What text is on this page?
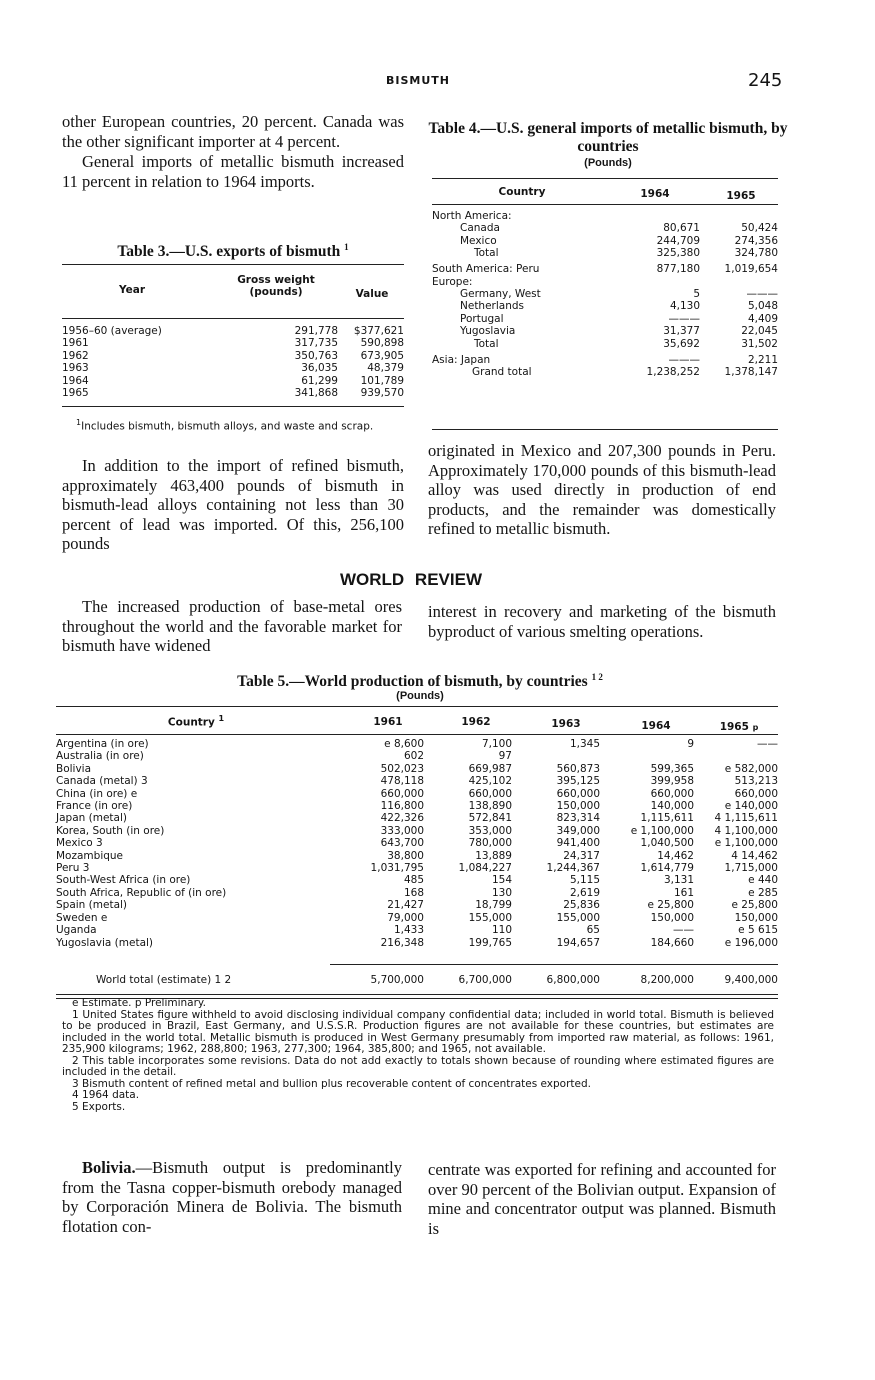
BISMUTH	245

other European countries, 20 percent. Canada was the other significant importer at 4 percent.

General imports of metallic bismuth increased 11 percent in relation to 1964 imports.

Table 3.—U.S. exports of bismuth $^1$
Year
Gross weight (pounds)	Value
1956–60 (average)	291,778	$377,621
1961	317,735	590,898
1962	350,763	673,905
1963	36,035	48,379
1964	61,299	101,789
1965	341,868	939,570
$^1$Includes bismuth, bismuth alloys, and waste and scrap.
In addition to the import of refined bismuth, approximately 463,400 pounds of bismuth in bismuth-lead alloys containing not less than 30 percent of lead was imported. Of this, 256,100 pounds
Table 4.—U.S. general imports of metallic bismuth, by countries
(Pounds)
Country	1964	1965
North America:		
Canada	80,671	50,424
Mexico	244,709	274,356
Total	325,380	324,780
South America: Peru	877,180	1,019,654
Europe:		
Germany, West	5	———
Netherlands	4,130	5,048
Portugal	———	4,409
Yugoslavia	31,377	22,045
Total	35,692	31,502
Asia: Japan	———	2,211
Grand total	1,238,252	1,378,147
originated in Mexico and 207,300 pounds in Peru. Approximately 170,000 pounds of this bismuth-lead alloy was used directly in production of end products, and the remainder was domestically refined to metallic bismuth.
WORLD REVIEW
The increased production of base-metal ores throughout the world and the favorable market for bismuth have widened
interest in recovery and marketing of the bismuth byproduct of various smelting operations.
Table 5.—World production of bismuth, by countries $^{1 2}$
(Pounds)
Country $^1$	1961	1962	1963	1964	1965 p
Argentina (in ore)	e 8,600	7,100	1,345	9	——
Australia (in ore)	602	97			
Bolivia	502,023	669,987	560,873	599,365	e 582,000
Canada (metal) 3	478,118	425,102	395,125	399,958	513,213
China (in ore) e	660,000	660,000	660,000	660,000	660,000
France (in ore)	116,800	138,890	150,000	140,000	e 140,000
Japan (metal)	422,326	572,841	823,314	1,115,611	4 1,115,611
Korea, South (in ore)	333,000	353,000	349,000	e 1,100,000	4 1,100,000
Mexico 3	643,700	780,000	941,400	1,040,500	e 1,100,000
Mozambique	38,800	13,889	24,317	14,462	4 14,462
Peru 3	1,031,795	1,084,227	1,244,367	1,614,779	1,715,000
South-West Africa (in ore)	485	154	5,115	3,131	e 440
South Africa, Republic of (in ore)	168	130	2,619	161	e 285
Spain (metal)	21,427	18,799	25,836	e 25,800	e 25,800
Sweden e	79,000	155,000	155,000	150,000	150,000
Uganda	1,433	110	65	——	e 5 615
Yugoslavia (metal)	216,348	199,765	194,657	184,660	e 196,000
World total (estimate) 1 2	5,700,000	6,700,000	6,800,000	8,200,000	9,400,000

e Estimate. p Preliminary.

1 United States figure withheld to avoid disclosing individual company confidential data; included in world total. Bismuth is believed to be produced in Brazil, East Germany, and U.S.S.R. Production figures are not available for these countries, but estimates are included in the world total. Metallic bismuth is produced in West Germany presumably from imported raw material, as follows: 1961, 235,900 kilograms; 1962, 288,800; 1963, 277,300; 1964, 385,800; and 1965, not available.

2 This table incorporates some revisions. Data do not add exactly to totals shown because of rounding where estimated figures are included in the detail.

3 Bismuth content of refined metal and bullion plus recoverable content of concentrates exported.

4 1964 data.

5 Exports.

Bolivia.—Bismuth output is predominantly from the Tasna copper-bismuth orebody managed by Corporación Minera de Bolivia. The bismuth flotation con-
centrate was exported for refining and accounted for over 90 percent of the Bolivian output. Expansion of mine and concentrator output was planned. Bismuth is
